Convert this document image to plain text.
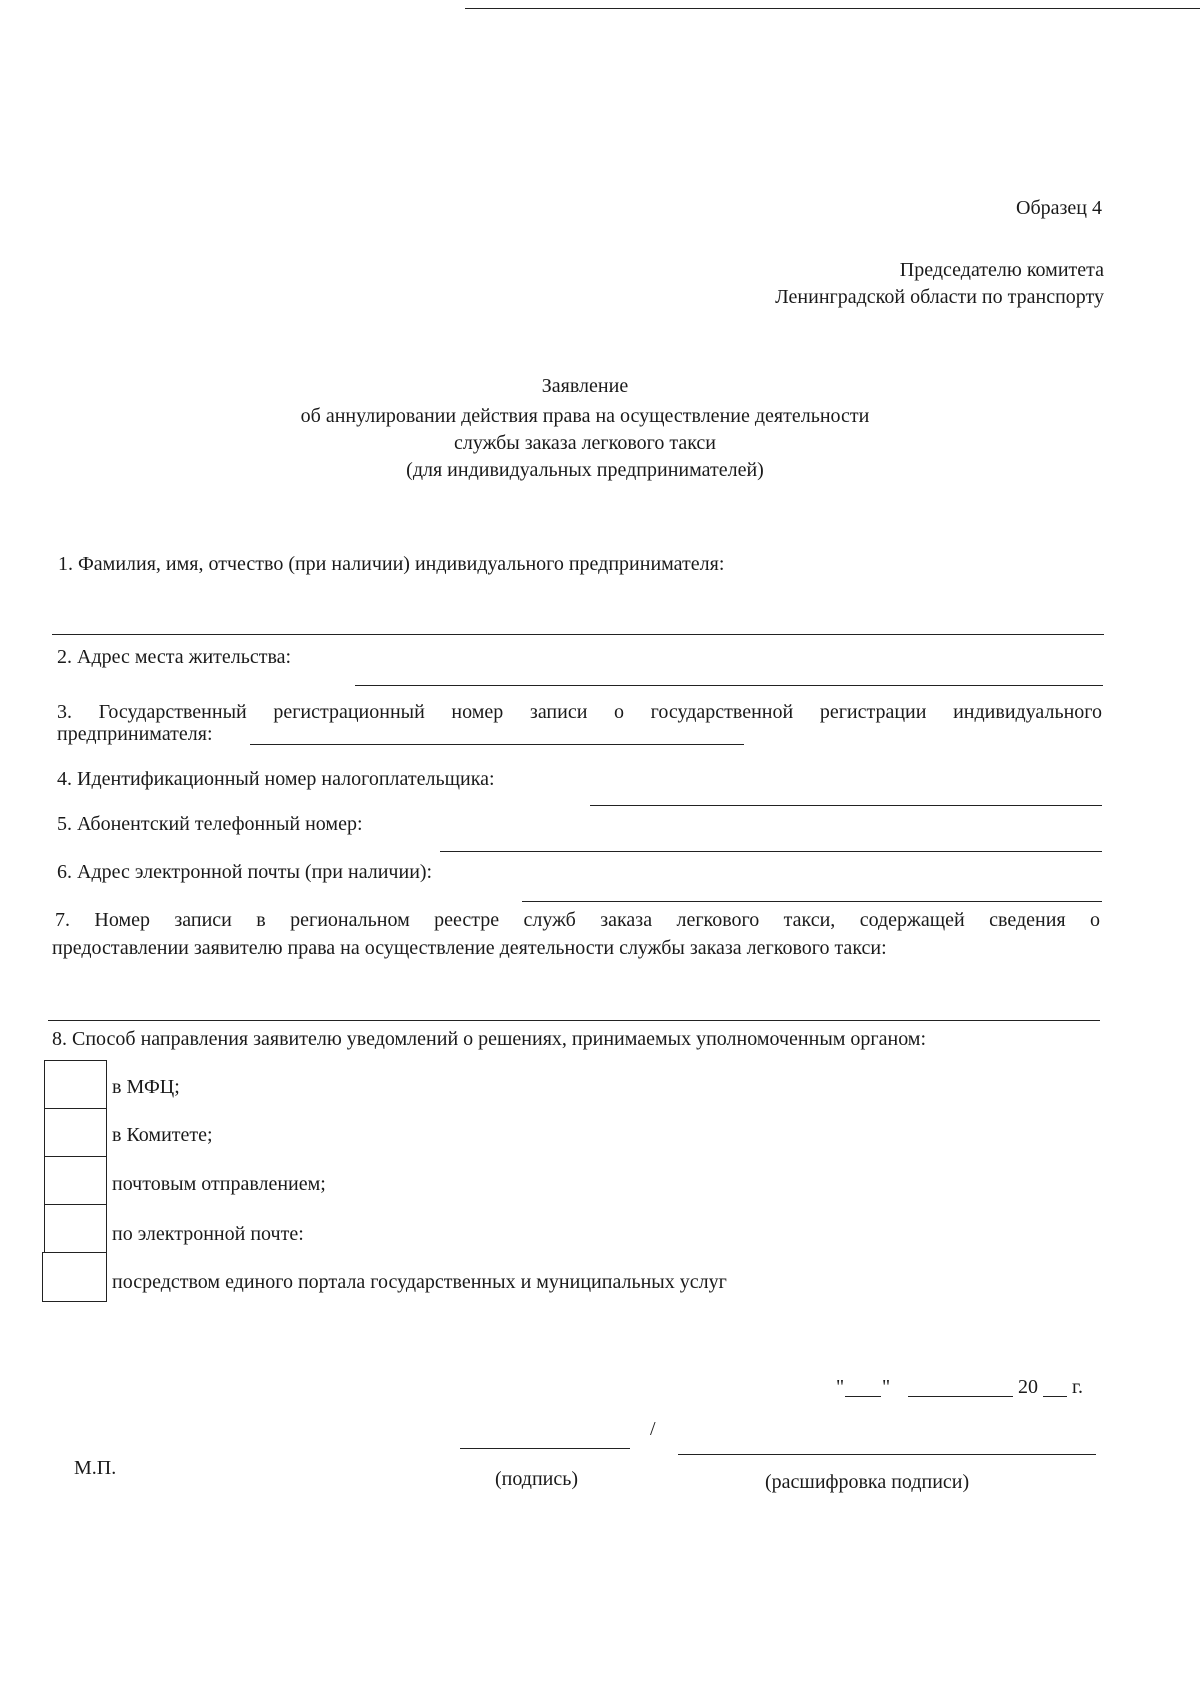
Образец 4
Председателю комитета
Ленинградской области по транспорту
Заявление
об аннулировании действия права на осуществление деятельности
службы заказа легкового такси
(для индивидуальных предпринимателей)
1. Фамилия, имя, отчество (при наличии) индивидуального предпринимателя:
2. Адрес места жительства:
3. Государственный регистрационный номер записи о государственной регистрации индивидуального
предпринимателя:
4. Идентификационный номер налогоплательщика:
5. Абонентский телефонный номер:
6. Адрес электронной почты (при наличии):
7. Номер записи в региональном реестре служб заказа легкового такси, содержащей сведения о
предоставлении заявителю права на осуществление деятельности службы заказа легкового такси:
8. Способ направления заявителю уведомлений о решениях, принимаемых уполномоченным органом:
в МФЦ;
в Комитете;
почтовым отправлением;
по электронной почте:
посредством единого портала государственных и муниципальных услуг
" "	20 г.
/
М.П.	(подпись)	(расшифровка подписи)
